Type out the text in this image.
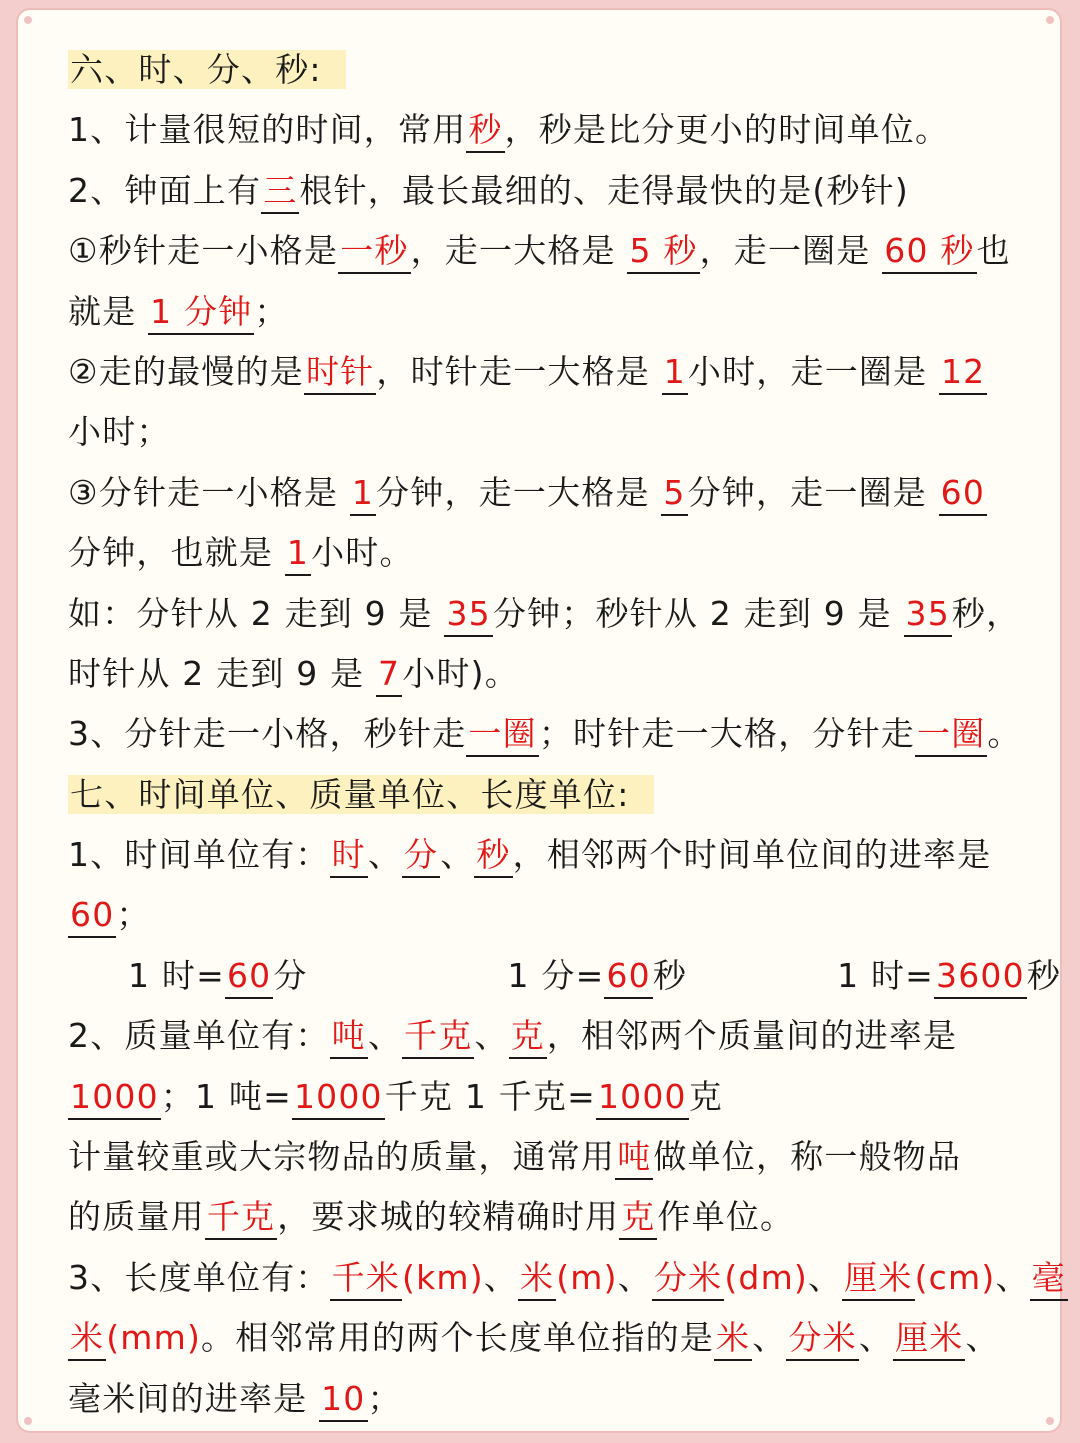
六、时、分、秒:
1、计量很短的时间，常用秒，秒是比分更小的时间单位。
2、钟面上有三根针，最长最细的、走得最快的是(秒针)
①秒针走一小格是一秒，走一大格是 5 秒，走一圈是 60 秒也
就是 1 分钟；
②走的最慢的是时针，时针走一大格是 1小时，走一圈是 12
小时；
③分针走一小格是 1分钟，走一大格是 5分钟，走一圈是 60
分钟，也就是 1小时。
如：分针从 2 走到 9 是 35分钟；秒针从 2 走到 9 是 35秒，
时针从 2 走到 9 是 7小时)。
3、分针走一小格，秒针走一圈；时针走一大格，分针走一圈。
七、时间单位、质量单位、长度单位:
1、时间单位有：时、分、秒，相邻两个时间单位间的进率是
60；
1 时=60分	1 分=60秒	1 时=3600秒
2、质量单位有：吨、千克、克，相邻两个质量间的进率是
1000；1 吨=1000千克 1 千克=1000克
计量较重或大宗物品的质量，通常用吨做单位，称一般物品
的质量用千克，要求城的较精确时用克作单位。
3、长度单位有：千米(km)、米(m)、分米(dm)、厘米(cm)、毫
米(mm)。相邻常用的两个长度单位指的是米、分米、厘米、
毫米间的进率是 10；
